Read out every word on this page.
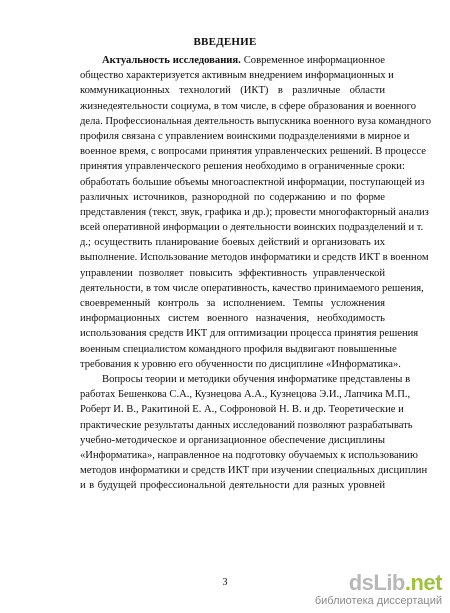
ВВЕДЕНИЕ
Актуальность исследования. Современное информационное
общество характеризуется активным внедрением информационных и
коммуникационных технологий (ИКТ) в различные области
жизнедеятельности социума, в том числе, в сфере образования и военного
дела. Профессиональная деятельность выпускника военного вуза командного
профиля связана с управлением воинскими подразделениями в мирное и
военное время, с вопросами принятия управленческих решений. В процессе
принятия управленческого решения необходимо в ограниченные сроки:
обработать большие объемы многоаспектной информации, поступающей из
различных источников, разнородной по содержанию и по форме
представления (текст, звук, графика и др.); провести многофакторный анализ
всей оперативной информации о деятельности воинских подразделений и т.
д.; осуществить планирование боевых действий и организовать их
выполнение. Использование методов информатики и средств ИКТ в военном
управлении позволяет повысить эффективность управленческой
деятельности, в том числе оперативность, качество принимаемого решения,
своевременный контроль за исполнением. Темпы усложнения
информационных систем военного назначения, необходимость
использования средств ИКТ для оптимизации процесса принятия решения
военным специалистом командного профиля выдвигают повышенные
требования к уровню его обученности по дисциплине «Информатика».
Вопросы теории и методики обучения информатике представлены в
работах Бешенкова С.А., Кузнецова А.А., Кузнецова Э.И., Лапчика М.П.,
Роберт И. В., Ракитиной Е. А., Софроновой Н. В. и др. Теоретические и
практические результаты данных исследований позволяют разрабатывать
учебно-методическое и организационное обеспечение дисциплины
«Информатика», направленное на подготовку обучаемых к использованию
методов информатики и средств ИКТ при изучении специальных дисциплин
и в будущей профессиональной деятельности для разных уровней
3	dsLib.net
библиотека диссертаций
